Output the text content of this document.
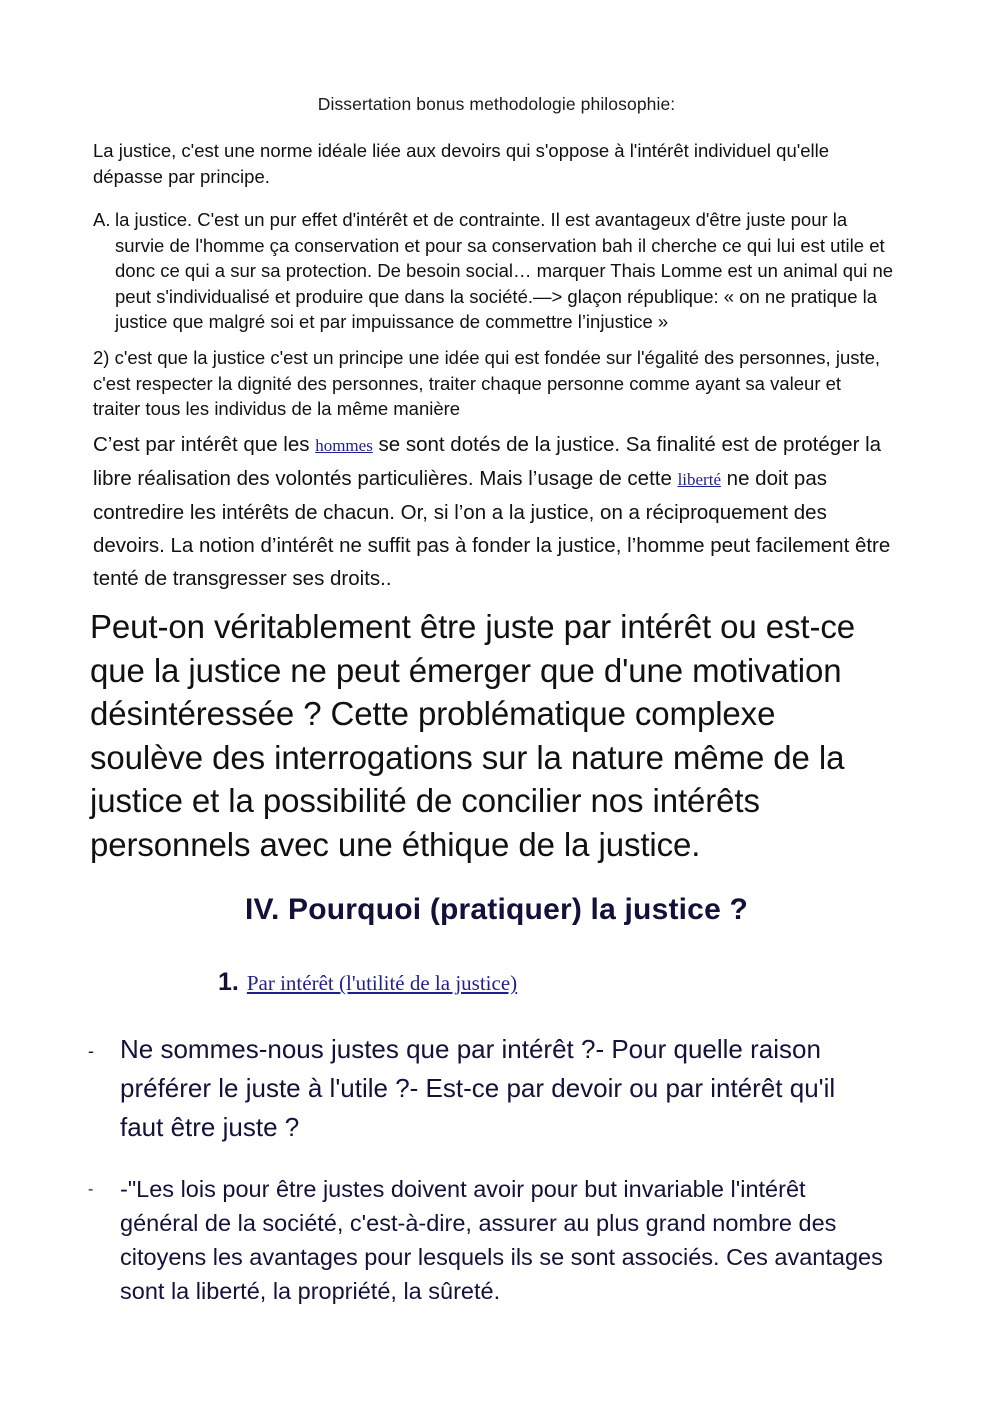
Dissertation bonus methodologie philosophie:
La justice, c'est une norme idéale liée aux devoirs qui s'oppose à l'intérêt individuel qu'elle dépasse par principe.
A. la justice. C'est un pur effet d'intérêt et de contrainte. Il est avantageux d'être juste pour la survie de l'homme ça conservation et pour sa conservation bah il cherche ce qui lui est utile et donc ce qui a sur sa protection. De besoin social… marquer Thais Lomme est un animal qui ne peut s'individualisé et produire que dans la société.—> glaçon république: « on ne pratique la justice que malgré soi et par impuissance de commettre l’injustice »
2) c'est que la justice c'est un principe une idée qui est fondée sur l'égalité des personnes, juste, c'est respecter la dignité des personnes, traiter chaque personne comme ayant sa valeur et traiter tous les individus de la même manière
C’est par intérêt que les hommes se sont dotés de la justice. Sa finalité est de protéger la libre réalisation des volontés particulières. Mais l’usage de cette liberté ne doit pas contredire les intérêts de chacun. Or, si l’on a la justice, on a réciproquement des devoirs. La notion d’intérêt ne suffit pas à fonder la justice, l’homme peut facilement être tenté de transgresser ses droits..
Peut-on véritablement être juste par intérêt ou est-ce que la justice ne peut émerger que d'une motivation désintéressée ? Cette problématique complexe soulève des interrogations sur la nature même de la justice et la possibilité de concilier nos intérêts personnels avec une éthique de la justice.
IV. Pourquoi (pratiquer) la justice ?
1. Par intérêt (l'utilité de la justice)
- Ne sommes-nous justes que par intérêt ?- Pour quelle raison préférer le juste à l'utile ?- Est-ce par devoir ou par intérêt qu'il faut être juste ?
- -"Les lois pour être justes doivent avoir pour but invariable l'intérêt général de la société, c'est-à-dire, assurer au plus grand nombre des citoyens les avantages pour lesquels ils se sont associés. Ces avantages sont la liberté, la propriété, la sûreté.
